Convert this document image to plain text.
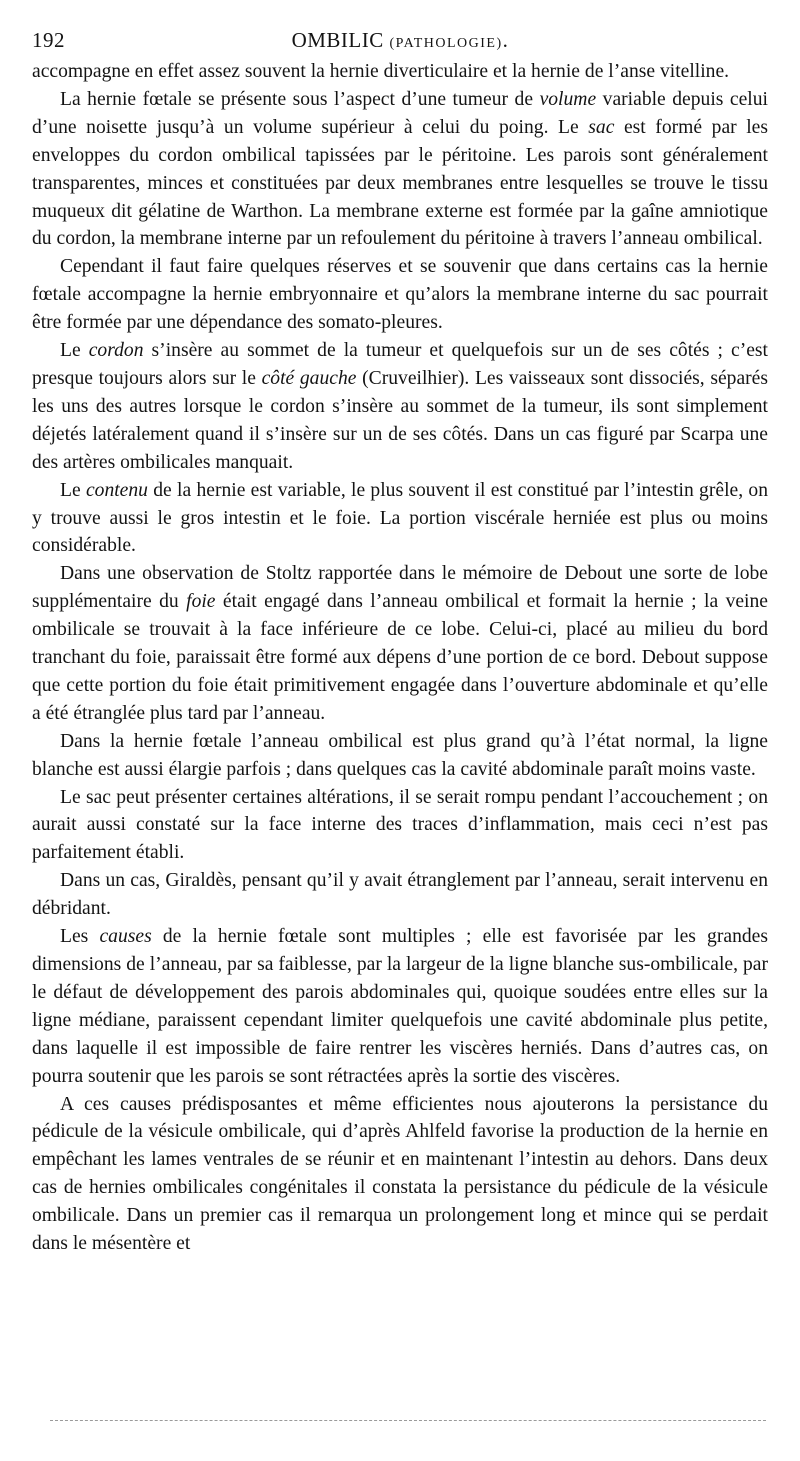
192	OMBILIC (PATHOLOGIE).

accompagne en effet assez souvent la hernie diverticulaire et la hernie de l’anse vitelline.

La hernie fœtale se présente sous l’aspect d’une tumeur de volume variable depuis celui d’une noisette jusqu’à un volume supérieur à celui du poing. Le sac est formé par les enveloppes du cordon ombilical tapissées par le péritoine. Les parois sont généralement transparentes, minces et constituées par deux membranes entre lesquelles se trouve le tissu muqueux dit gélatine de Warthon. La membrane externe est formée par la gaîne amniotique du cordon, la membrane interne par un refoulement du péritoine à travers l’anneau ombilical.

Cependant il faut faire quelques réserves et se souvenir que dans certains cas la hernie fœtale accompagne la hernie embryonnaire et qu’alors la membrane interne du sac pourrait être formée par une dépendance des somato-pleures.

Le cordon s’insère au sommet de la tumeur et quelquefois sur un de ses côtés ; c’est presque toujours alors sur le côté gauche (Cruveilhier). Les vaisseaux sont dissociés, séparés les uns des autres lorsque le cordon s’insère au sommet de la tumeur, ils sont simplement déjetés latéralement quand il s’insère sur un de ses côtés. Dans un cas figuré par Scarpa une des artères ombilicales manquait.

Le contenu de la hernie est variable, le plus souvent il est constitué par l’intestin grêle, on y trouve aussi le gros intestin et le foie. La portion viscérale herniée est plus ou moins considérable.

Dans une observation de Stoltz rapportée dans le mémoire de Debout une sorte de lobe supplémentaire du foie était engagé dans l’anneau ombilical et formait la hernie ; la veine ombilicale se trouvait à la face inférieure de ce lobe. Celui-ci, placé au milieu du bord tranchant du foie, paraissait être formé aux dépens d’une portion de ce bord. Debout suppose que cette portion du foie était primitivement engagée dans l’ouverture abdominale et qu’elle a été étranglée plus tard par l’anneau.

Dans la hernie fœtale l’anneau ombilical est plus grand qu’à l’état normal, la ligne blanche est aussi élargie parfois ; dans quelques cas la cavité abdominale paraît moins vaste.

Le sac peut présenter certaines altérations, il se serait rompu pendant l’accouchement ; on aurait aussi constaté sur la face interne des traces d’inflammation, mais ceci n’est pas parfaitement établi.

Dans un cas, Giraldès, pensant qu’il y avait étranglement par l’anneau, serait intervenu en débridant.

Les causes de la hernie fœtale sont multiples ; elle est favorisée par les grandes dimensions de l’anneau, par sa faiblesse, par la largeur de la ligne blanche sus-ombilicale, par le défaut de développement des parois abdominales qui, quoique soudées entre elles sur la ligne médiane, paraissent cependant limiter quelquefois une cavité abdominale plus petite, dans laquelle il est impossible de faire rentrer les viscères herniés. Dans d’autres cas, on pourra soutenir que les parois se sont rétractées après la sortie des viscères.

A ces causes prédisposantes et même efficientes nous ajouterons la persistance du pédicule de la vésicule ombilicale, qui d’après Ahlfeld favorise la production de la hernie en empêchant les lames ventrales de se réunir et en maintenant l’intestin au dehors. Dans deux cas de hernies ombilicales congénitales il constata la persistance du pédicule de la vésicule ombilicale. Dans un premier cas il remarqua un prolongement long et mince qui se perdait dans le mésentère et
